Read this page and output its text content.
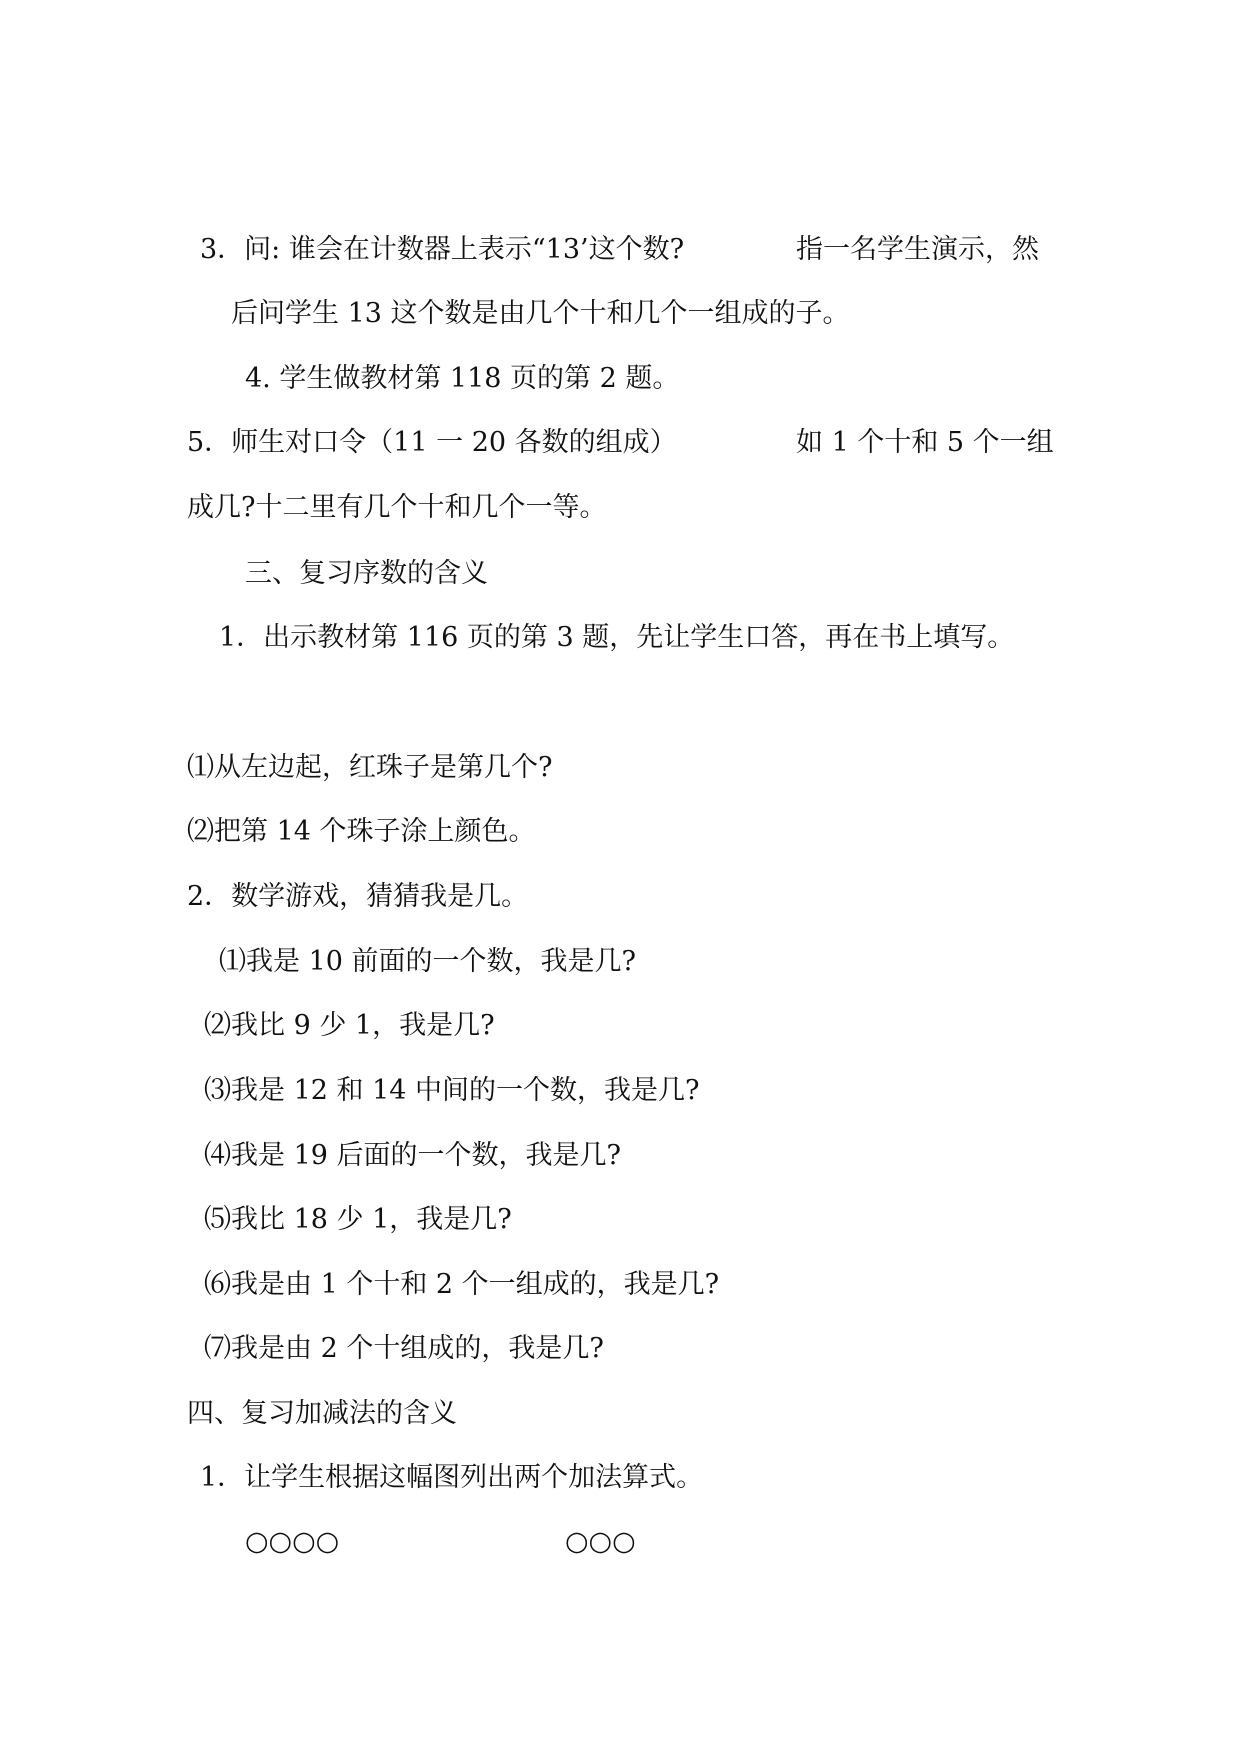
3．问: 谁会在计数器上表示“13’这个数?	指一名学生演示，然
后问学生 13 这个数是由几个十和几个一组成的子。
4. 学生做教材第 118 页的第 2 题。
5．师生对口令（11 一 20 各数的组成）	如 1 个十和 5 个一组
成几?十二里有几个十和几个一等。
三、复习序数的含义
1．出示教材第 116 页的第 3 题，先让学生口答，再在书上填写。
⑴从左边起，红珠子是第几个?
⑵把第 14 个珠子涂上颜色。
2．数学游戏，猜猜我是几。
⑴我是 10 前面的一个数，我是几?
⑵我比 9 少 1，我是几?
⑶我是 12 和 14 中间的一个数，我是几?
⑷我是 19 后面的一个数，我是几?
⑸我比 18 少 1，我是几?
⑹我是由 1 个十和 2 个一组成的，我是几?
⑺我是由 2 个十组成的，我是几?
四、复习加减法的含义
1．让学生根据这幅图列出两个加法算式。
○○○○	○○○
